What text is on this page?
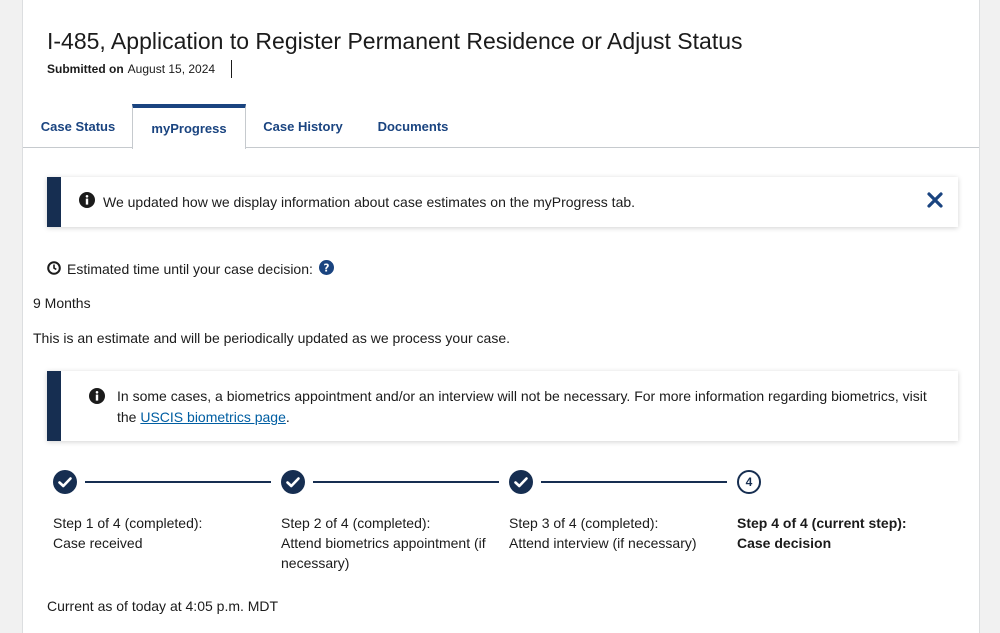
I-485, Application to Register Permanent Residence or Adjust Status
Submitted on August 15, 2024
Case Status	myProgress	Case History	Documents
We updated how we display information about case estimates on the myProgress tab.
Estimated time until your case decision: ?
9 Months
This is an estimate and will be periodically updated as we process your case.
In some cases, a biometrics appointment and/or an interview will not be necessary. For more information regarding biometrics, visit the USCIS biometrics page.
4
Step 1 of 4 (completed):
Case received
Step 2 of 4 (completed):
Attend biometrics appointment (if necessary)
Step 3 of 4 (completed):
Attend interview (if necessary)
Step 4 of 4 (current step):
Case decision
Current as of today at 4:05 p.m. MDT
